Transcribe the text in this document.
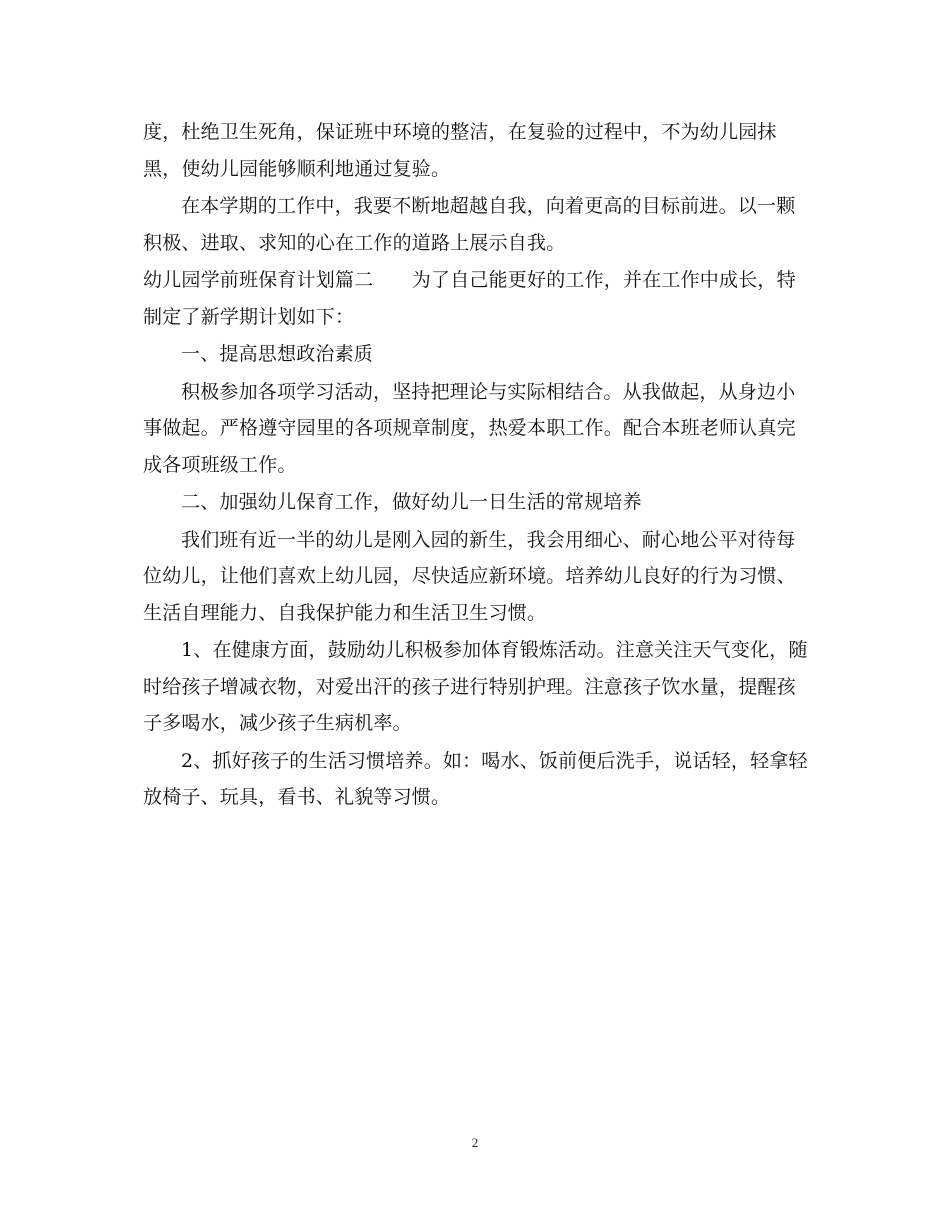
度，杜绝卫生死角，保证班中环境的整洁，在复验的过程中，不为幼儿园抹黑，使幼儿园能够顺利地通过复验。

在本学期的工作中，我要不断地超越自我，向着更高的目标前进。以一颗积极、进取、求知的心在工作的道路上展示自我。

幼儿园学前班保育计划篇二　　为了自己能更好的工作，并在工作中成长，特制定了新学期计划如下：

一、提高思想政治素质

积极参加各项学习活动，坚持把理论与实际相结合。从我做起，从身边小事做起。严格遵守园里的各项规章制度，热爱本职工作。配合本班老师认真完成各项班级工作。

二、加强幼儿保育工作，做好幼儿一日生活的常规培养

我们班有近一半的幼儿是刚入园的新生，我会用细心、耐心地公平对待每位幼儿，让他们喜欢上幼儿园，尽快适应新环境。培养幼儿良好的行为习惯、生活自理能力、自我保护能力和生活卫生习惯。

1、在健康方面，鼓励幼儿积极参加体育锻炼活动。注意关注天气变化，随时给孩子增减衣物，对爱出汗的孩子进行特别护理。注意孩子饮水量，提醒孩子多喝水，减少孩子生病机率。

2、抓好孩子的生活习惯培养。如：喝水、饭前便后洗手，说话轻，轻拿轻放椅子、玩具，看书、礼貌等习惯。

2
